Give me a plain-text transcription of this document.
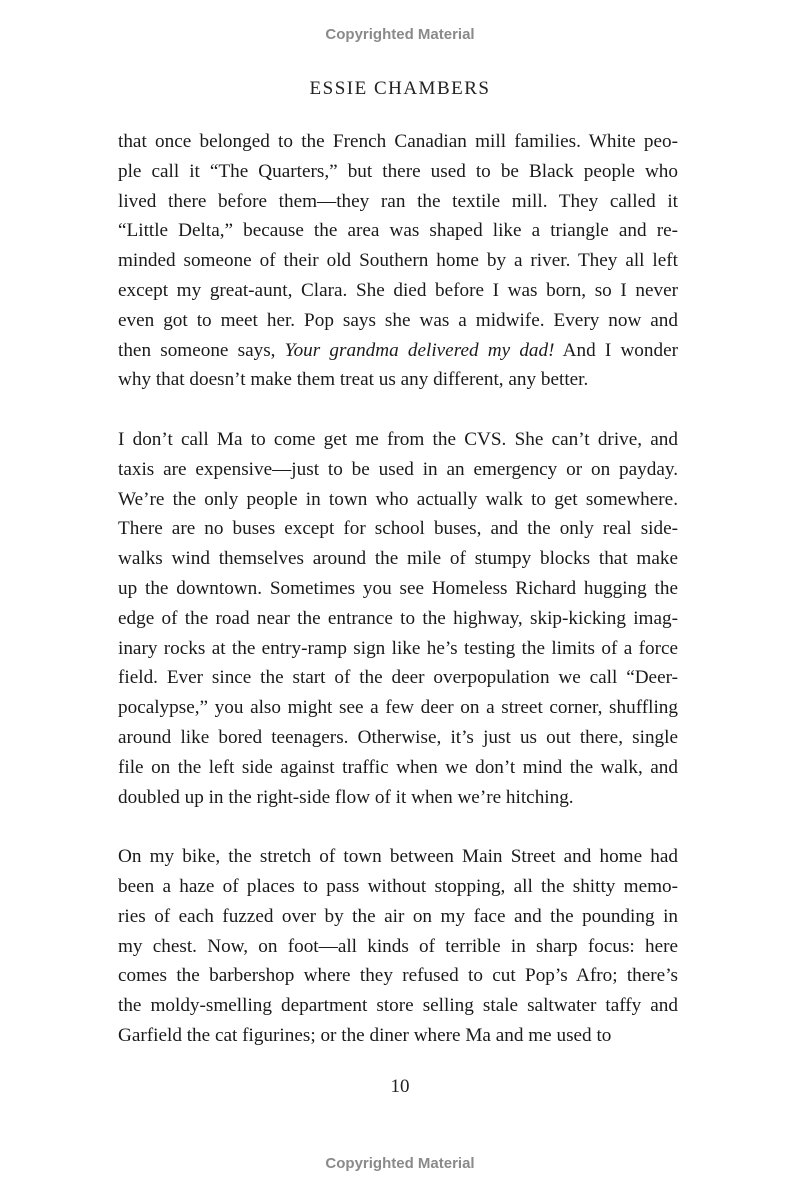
Copyrighted Material
ESSIE CHAMBERS
that once belonged to the French Canadian mill families. White peo-
ple call it “The Quarters,” but there used to be Black people who
lived there before them—they ran the textile mill. They called it
“Little Delta,” because the area was shaped like a triangle and re-
minded someone of their old Southern home by a river. They all left
except my great-aunt, Clara. She died before I was born, so I never
even got to meet her. Pop says she was a midwife. Every now and
then someone says, Your grandma delivered my dad! And I wonder
why that doesn’t make them treat us any different, any better.
I don’t call Ma to come get me from the CVS. She can’t drive, and
taxis are expensive—just to be used in an emergency or on payday.
We’re the only people in town who actually walk to get somewhere.
There are no buses except for school buses, and the only real side-
walks wind themselves around the mile of stumpy blocks that make
up the downtown. Sometimes you see Homeless Richard hugging the
edge of the road near the entrance to the highway, skip-kicking imag-
inary rocks at the entry-ramp sign like he’s testing the limits of a force
field. Ever since the start of the deer overpopulation we call “Deer-
pocalypse,” you also might see a few deer on a street corner, shuffling
around like bored teenagers. Otherwise, it’s just us out there, single
file on the left side against traffic when we don’t mind the walk, and
doubled up in the right-side flow of it when we’re hitching.
On my bike, the stretch of town between Main Street and home had
been a haze of places to pass without stopping, all the shitty memo-
ries of each fuzzed over by the air on my face and the pounding in
my chest. Now, on foot—all kinds of terrible in sharp focus: here
comes the barbershop where they refused to cut Pop’s Afro; there’s
the moldy-smelling department store selling stale saltwater taffy and
Garfield the cat figurines; or the diner where Ma and me used to
10
Copyrighted Material
